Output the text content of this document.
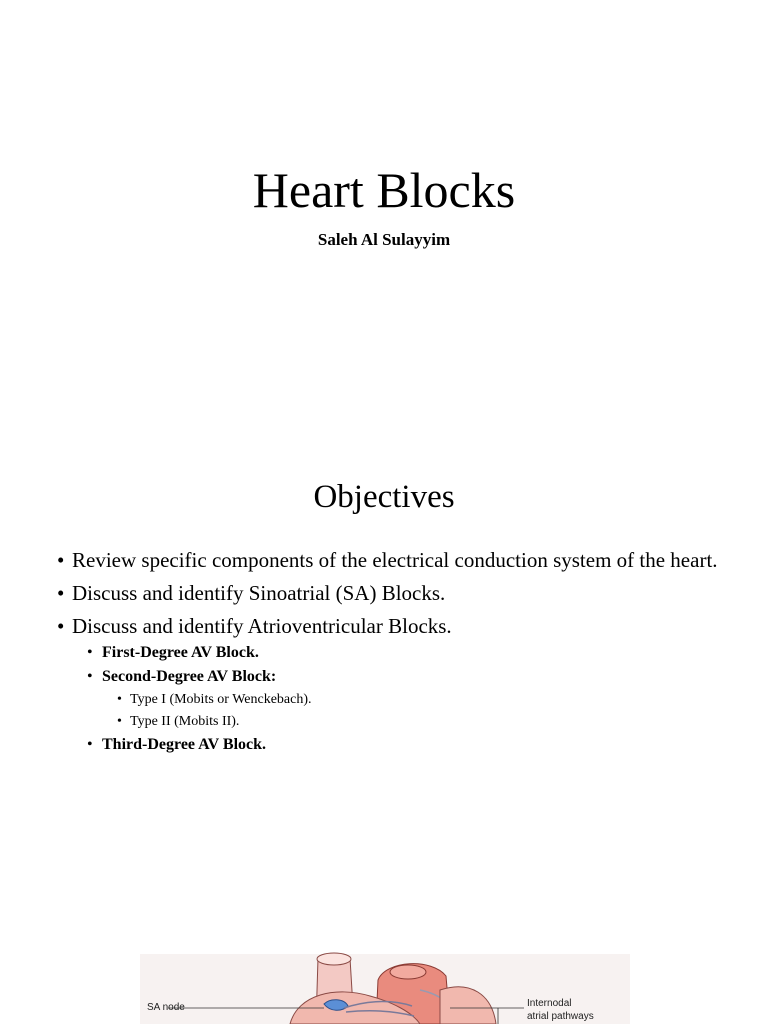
Heart Blocks
Saleh Al Sulayyim
Objectives
• Review specific components of the electrical conduction system of the heart.
• Discuss and identify Sinoatrial (SA) Blocks.
• Discuss and identify Atrioventricular Blocks.
• First-Degree AV Block.
• Second-Degree AV Block:
• Type I (Mobits or Wenckebach).
• Type II (Mobits II).
• Third-Degree AV Block.
SA node	Internodal
atrial pathways
